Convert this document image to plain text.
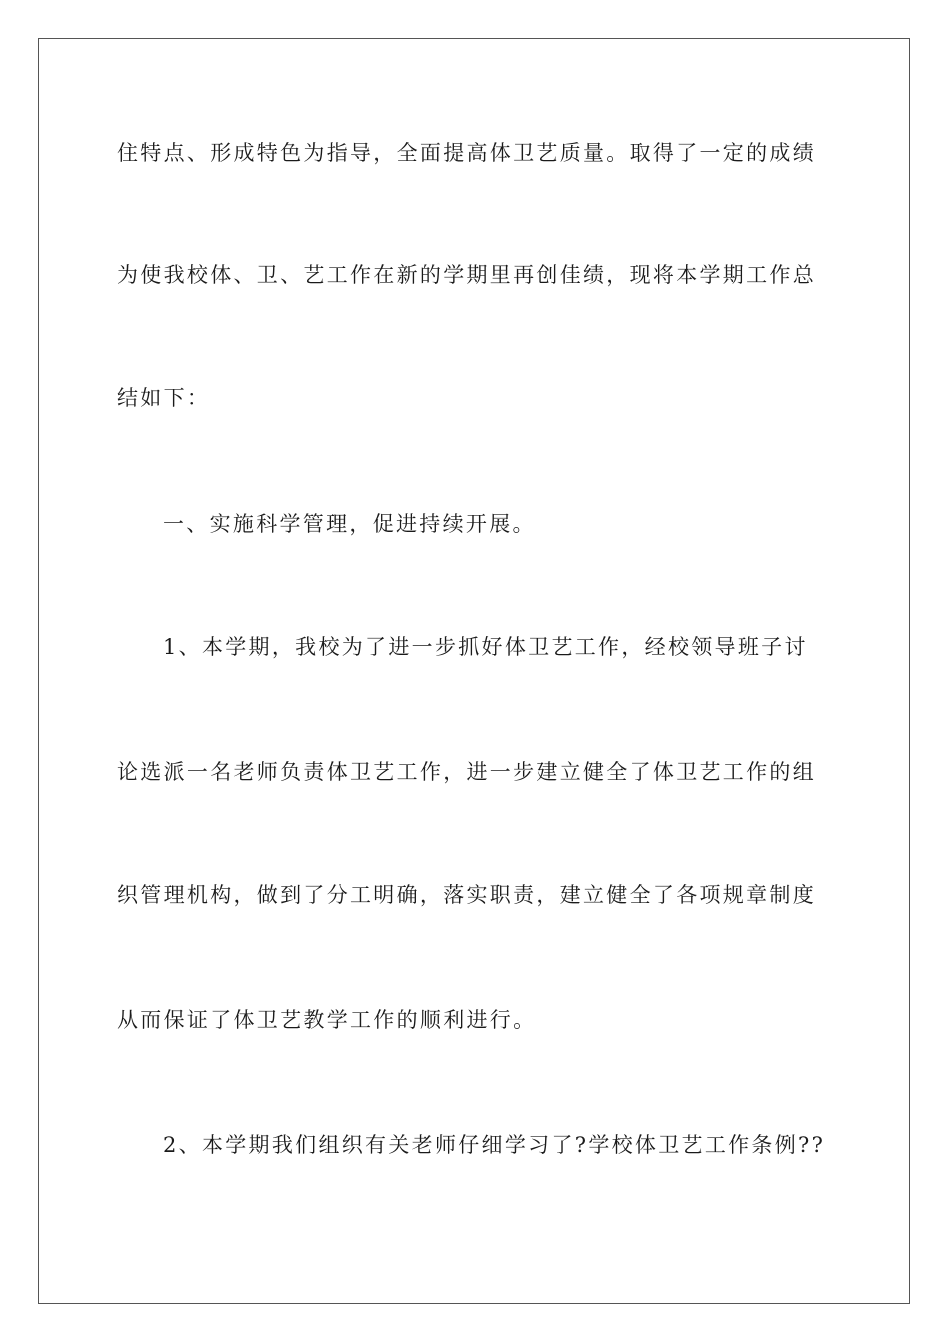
住特点、形成特色为指导，全面提高体卫艺质量。取得了一定的成绩
为使我校体、卫、艺工作在新的学期里再创佳绩，现将本学期工作总
结如下：
一、实施科学管理，促进持续开展。
1、本学期，我校为了进一步抓好体卫艺工作，经校领导班子讨
论选派一名老师负责体卫艺工作，进一步建立健全了体卫艺工作的组
织管理机构，做到了分工明确，落实职责，建立健全了各项规章制度
从而保证了体卫艺教学工作的顺利进行。
2、本学期我们组织有关老师仔细学习了?学校体卫艺工作条例??
